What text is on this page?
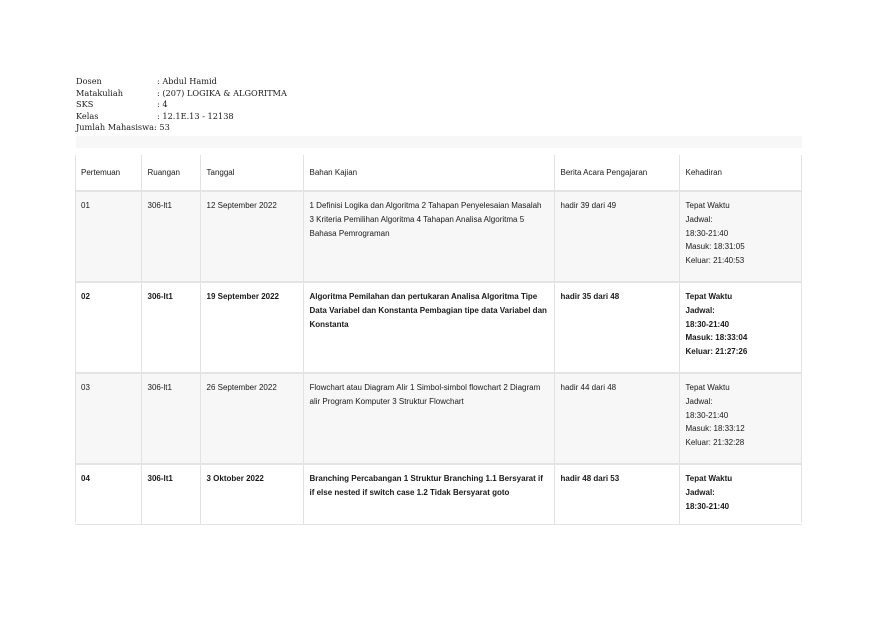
Dosen	: Abdul Hamid
Matakuliah	: (207) LOGIKA & ALGORITMA
SKS	: 4
Kelas	: 12.1E.13 - 12138
Jumlah Mahasiswa : 53
Pertemuan	Ruangan	Tanggal	Bahan Kajian	Berita Acara Pengajaran	Kehadiran
01	306-lt1	12 September 2022	1 Definisi Logika dan Algoritma 2 Tahapan Penyelesaian Masalah 3 Kriteria Pemilihan Algoritma 4 Tahapan Analisa Algoritma 5 Bahasa Pemrograman	hadir 39 dari 49	Tepat Waktu
Jadwal:
18:30-21:40
Masuk: 18:31:05
Keluar: 21:40:53

02	306-lt1	19 September 2022	Algoritma Pemilahan dan pertukaran Analisa Algoritma Tipe Data Variabel dan Konstanta Pembagian tipe data Variabel dan Konstanta	hadir 35 dari 48	Tepat Waktu
Jadwal:
18:30-21:40
Masuk: 18:33:04
Keluar: 21:27:26

03	306-lt1	26 September 2022	Flowchart atau Diagram Alir 1 Simbol-simbol flowchart 2 Diagram alir Program Komputer 3 Struktur Flowchart	hadir 44 dari 48	Tepat Waktu
Jadwal:
18:30-21:40
Masuk: 18:33:12
Keluar: 21:32:28

04	306-lt1	3 Oktober 2022	Branching Percabangan 1 Struktur Branching 1.1 Bersyarat if if else nested if switch case 1.2 Tidak Bersyarat goto	hadir 48 dari 53	Tepat Waktu
Jadwal:
18:30-21:40
